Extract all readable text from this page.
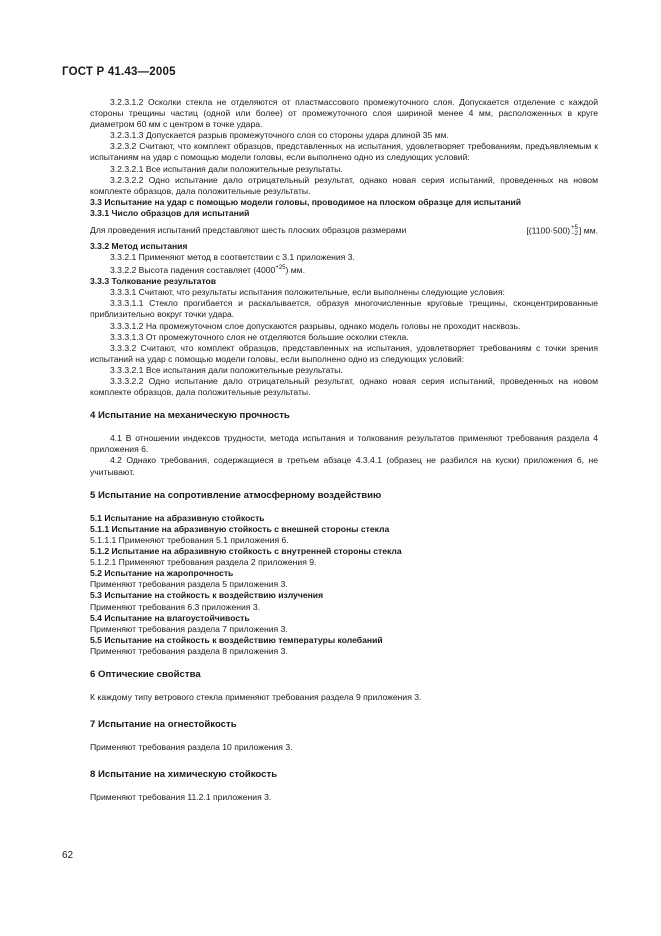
ГОСТ Р 41.43—2005

3.2.3.1.2 Осколки стекла не отделяются от пластмассового промежуточного слоя. Допускается отделение с каждой стороны трещины частиц (одной или более) от промежуточного слоя шириной менее 4 мм, расположенных в круге диаметром 60 мм с центром в точке удара.

3.2.3.1.3 Допускается разрыв промежуточного слоя со стороны удара длиной 35 мм.

3.2.3.2 Считают, что комплект образцов, представленных на испытания, удовлетворяет требованиям, предъявляемым к испытаниям на удар с помощью модели головы, если выполнено одно из следующих условий:

3.2.3.2.1 Все испытания дали положительные результаты.

3.2.3.2.2 Одно испытание дало отрицательный результат, однако новая серия испытаний, проведенных на новом комплекте образцов, дала положительные результаты.

3.3 Испытание на удар с помощью модели головы, проводимое на плоском образце для испытаний

3.3.1 Число образцов для испытаний

Для проведения испытаний представляют шесть плоских образцов размерами	[(1100·500) +5
−2 ] мм.

3.3.2 Метод испытания

3.3.2.1 Применяют метод в соответствии с 3.1 приложения 3.

3.3.2.2 Высота падения составляет $(4000^{+25})$ мм.

3.3.3 Толкование результатов

3.3.3.1 Считают, что результаты испытания положительные, если выполнены следующие условия:

3.3.3.1.1 Стекло прогибается и раскалывается, образуя многочисленные круговые трещины, сконцентрированные приблизительно вокруг точки удара.

3.3.3.1.2 На промежуточном слое допускаются разрывы, однако модель головы не проходит насквозь.

3.3.3.1.3 От промежуточного слоя не отделяются большие осколки стекла.

3.3.3.2 Считают, что комплект образцов, представленных на испытания, удовлетворяет требованиям с точки зрения испытаний на удар с помощью модели головы, если выполнено одно из следующих условий:

3.3.3.2.1 Все испытания дали положительные результаты.

3.3.3.2.2 Одно испытание дало отрицательный результат, однако новая серия испытаний, проведенных на новом комплекте образцов, дала положительные результаты.

4 Испытание на механическую прочность

4.1 В отношении индексов трудности, метода испытания и толкования результатов применяют требования раздела 4 приложения 6.

4.2 Однако требования, содержащиеся в третьем абзаце 4.3.4.1 (образец не разбился на куски) приложения 6, не учитывают.

5 Испытание на сопротивление атмосферному воздействию

5.1 Испытание на абразивную стойкость

5.1.1 Испытание на абразивную стойкость с внешней стороны стекла

5.1.1.1 Применяют требования 5.1 приложения 6.

5.1.2 Испытание на абразивную стойкость с внутренней стороны стекла

5.1.2.1 Применяют требования раздела 2 приложения 9.

5.2 Испытание на жаропрочность

Применяют требования раздела 5 приложения 3.

5.3 Испытание на стойкость к воздействию излучения

Применяют требования 6.3 приложения 3.

5.4 Испытание на влагоустойчивость

Применяют требования раздела 7 приложения 3.

5.5 Испытание на стойкость к воздействию температуры колебаний

Применяют требования раздела 8 приложения 3.

6 Оптические свойства

К каждому типу ветрового стекла применяют требования раздела 9 приложения 3.

7 Испытание на огнестойкость

Применяют требования раздела 10 приложения 3.

8 Испытание на химическую стойкость

Применяют требования 11.2.1 приложения 3.

62
